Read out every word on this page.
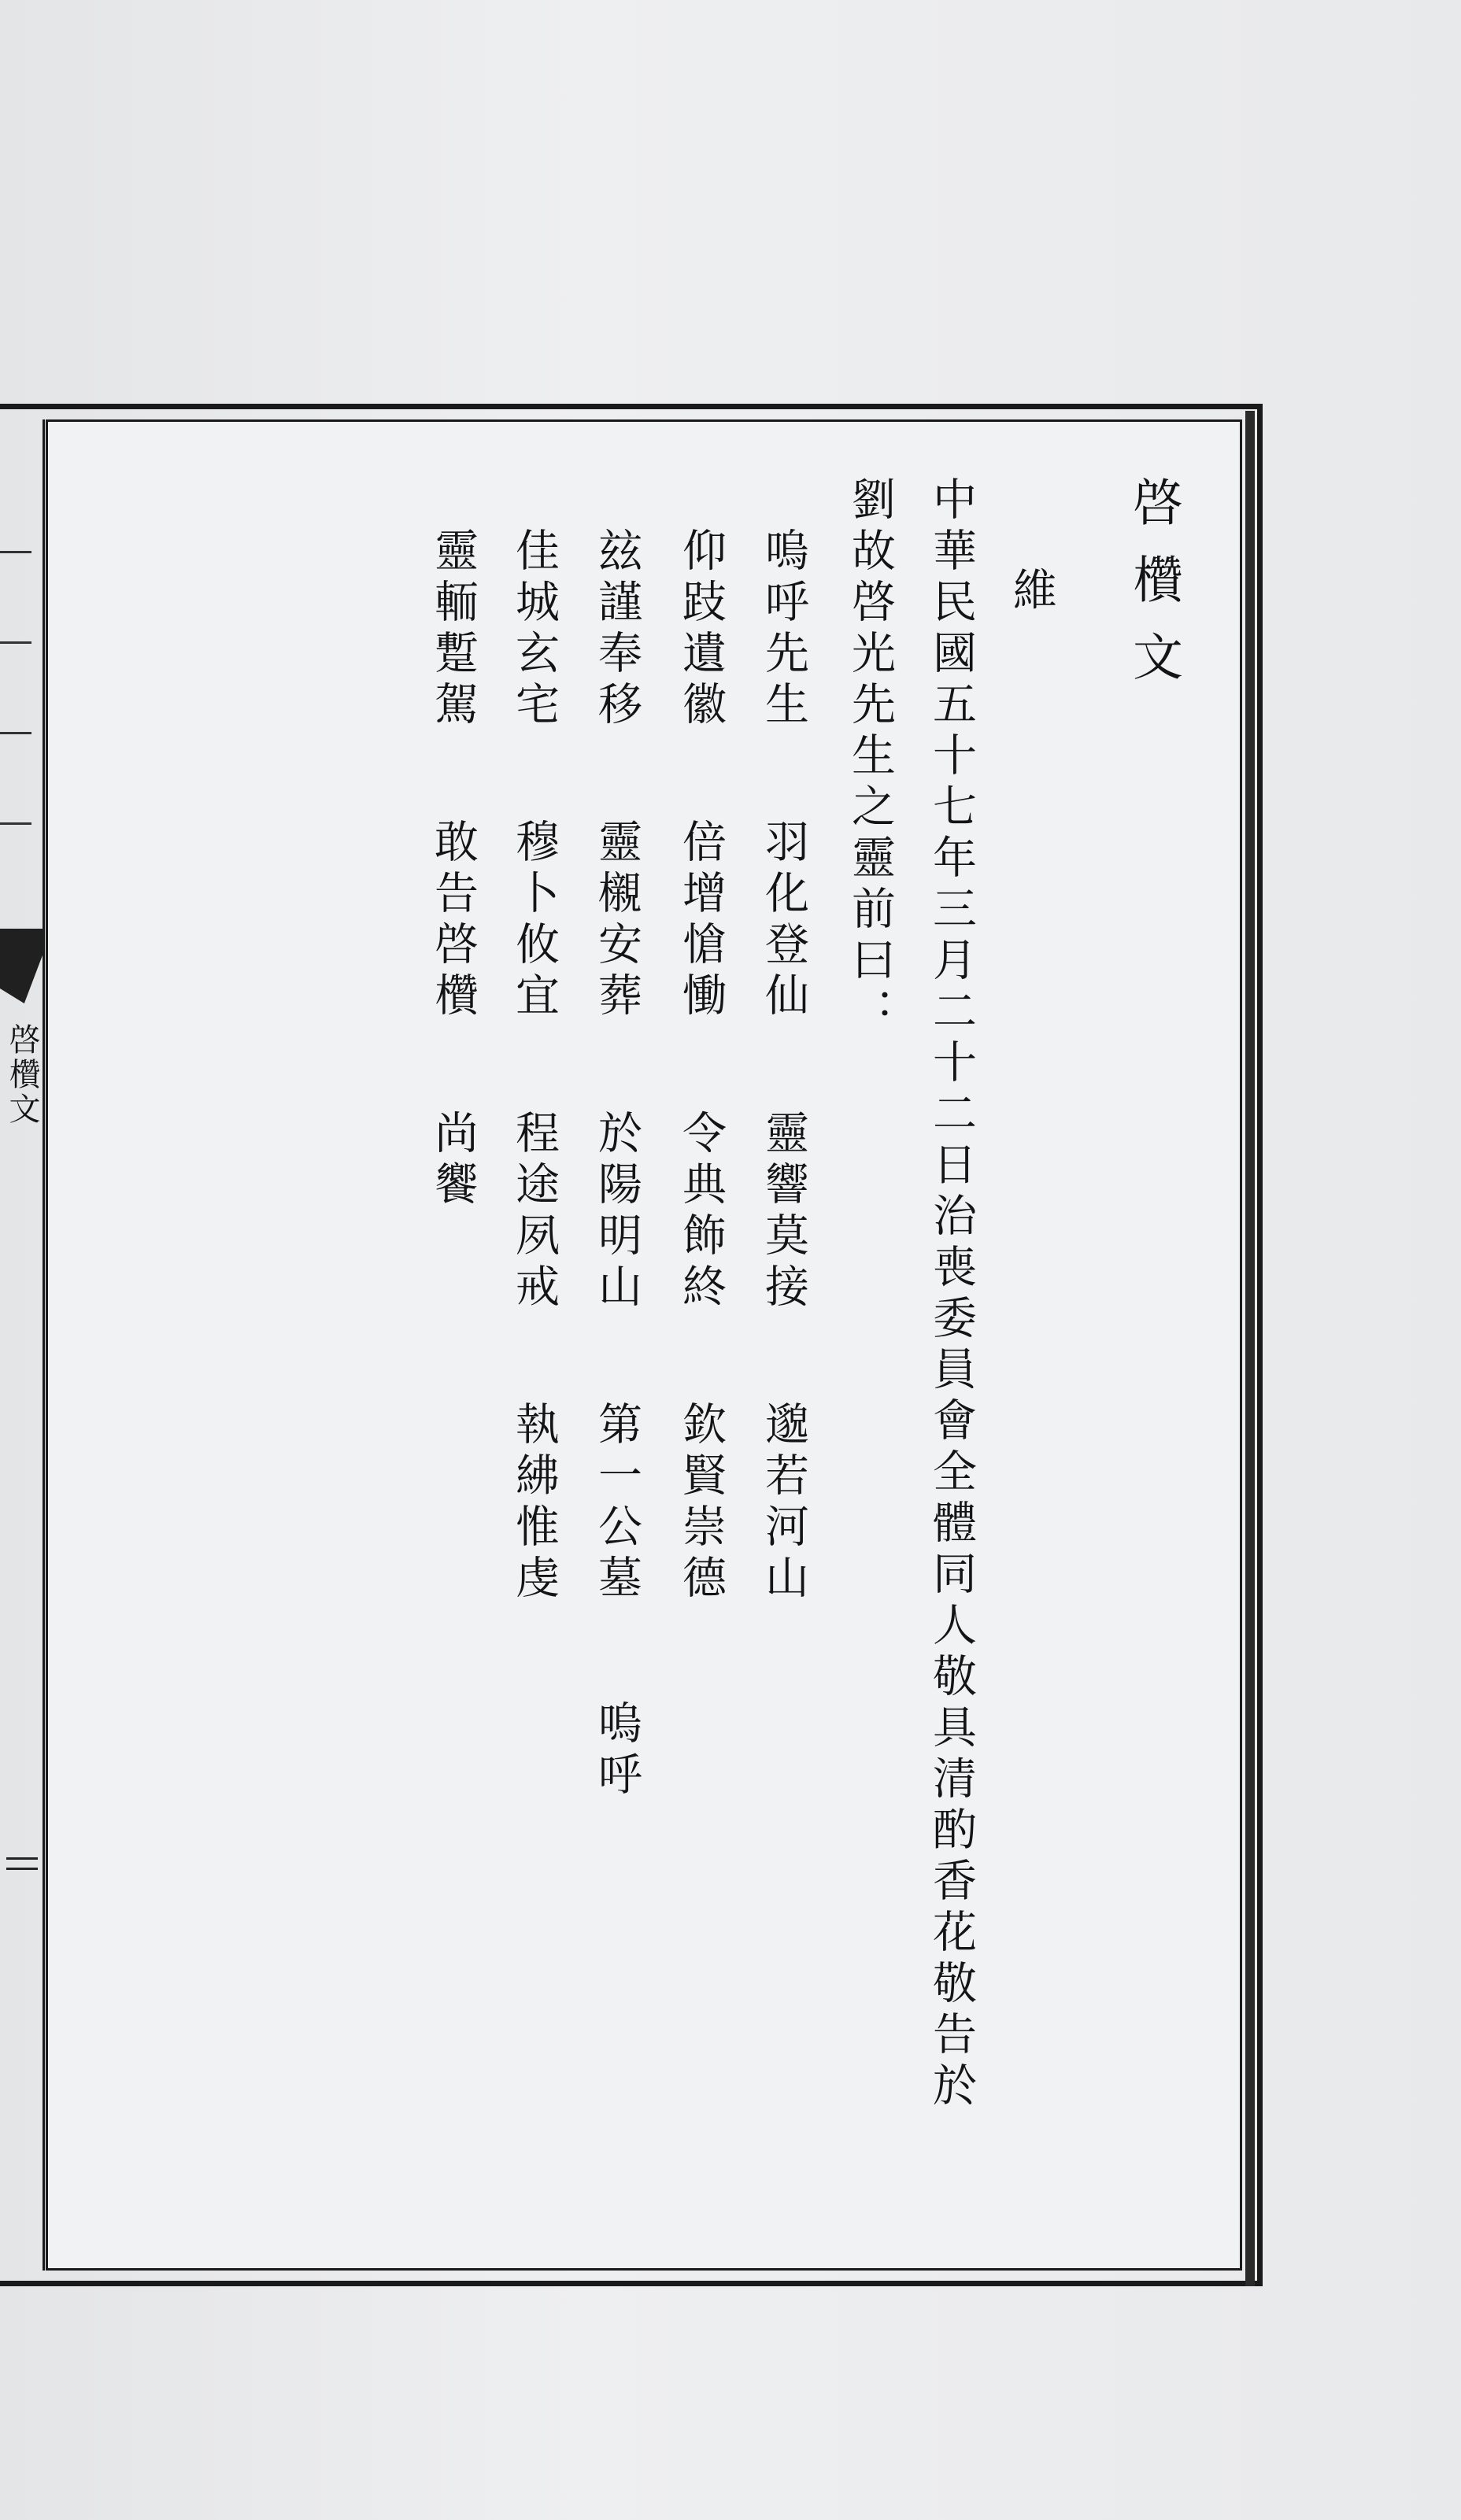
啓欑文
啓欑文
維
中華民國五十七年三月二十二日治喪委員會全體同人敬具清酌香花敬告於
劉故啓光先生之靈前曰：
嗚呼先生羽化登仙靈響莫接邈若河山
仰跂遺徽倍增愴慟令典飾終欽賢崇德
玆謹奉移靈櫬安葬於陽明山第一公墓嗚呼
佳城玄宅穆卜攸宜程途夙戒執紼惟虔
靈輀蹔駕敢告啓欑尚饗
